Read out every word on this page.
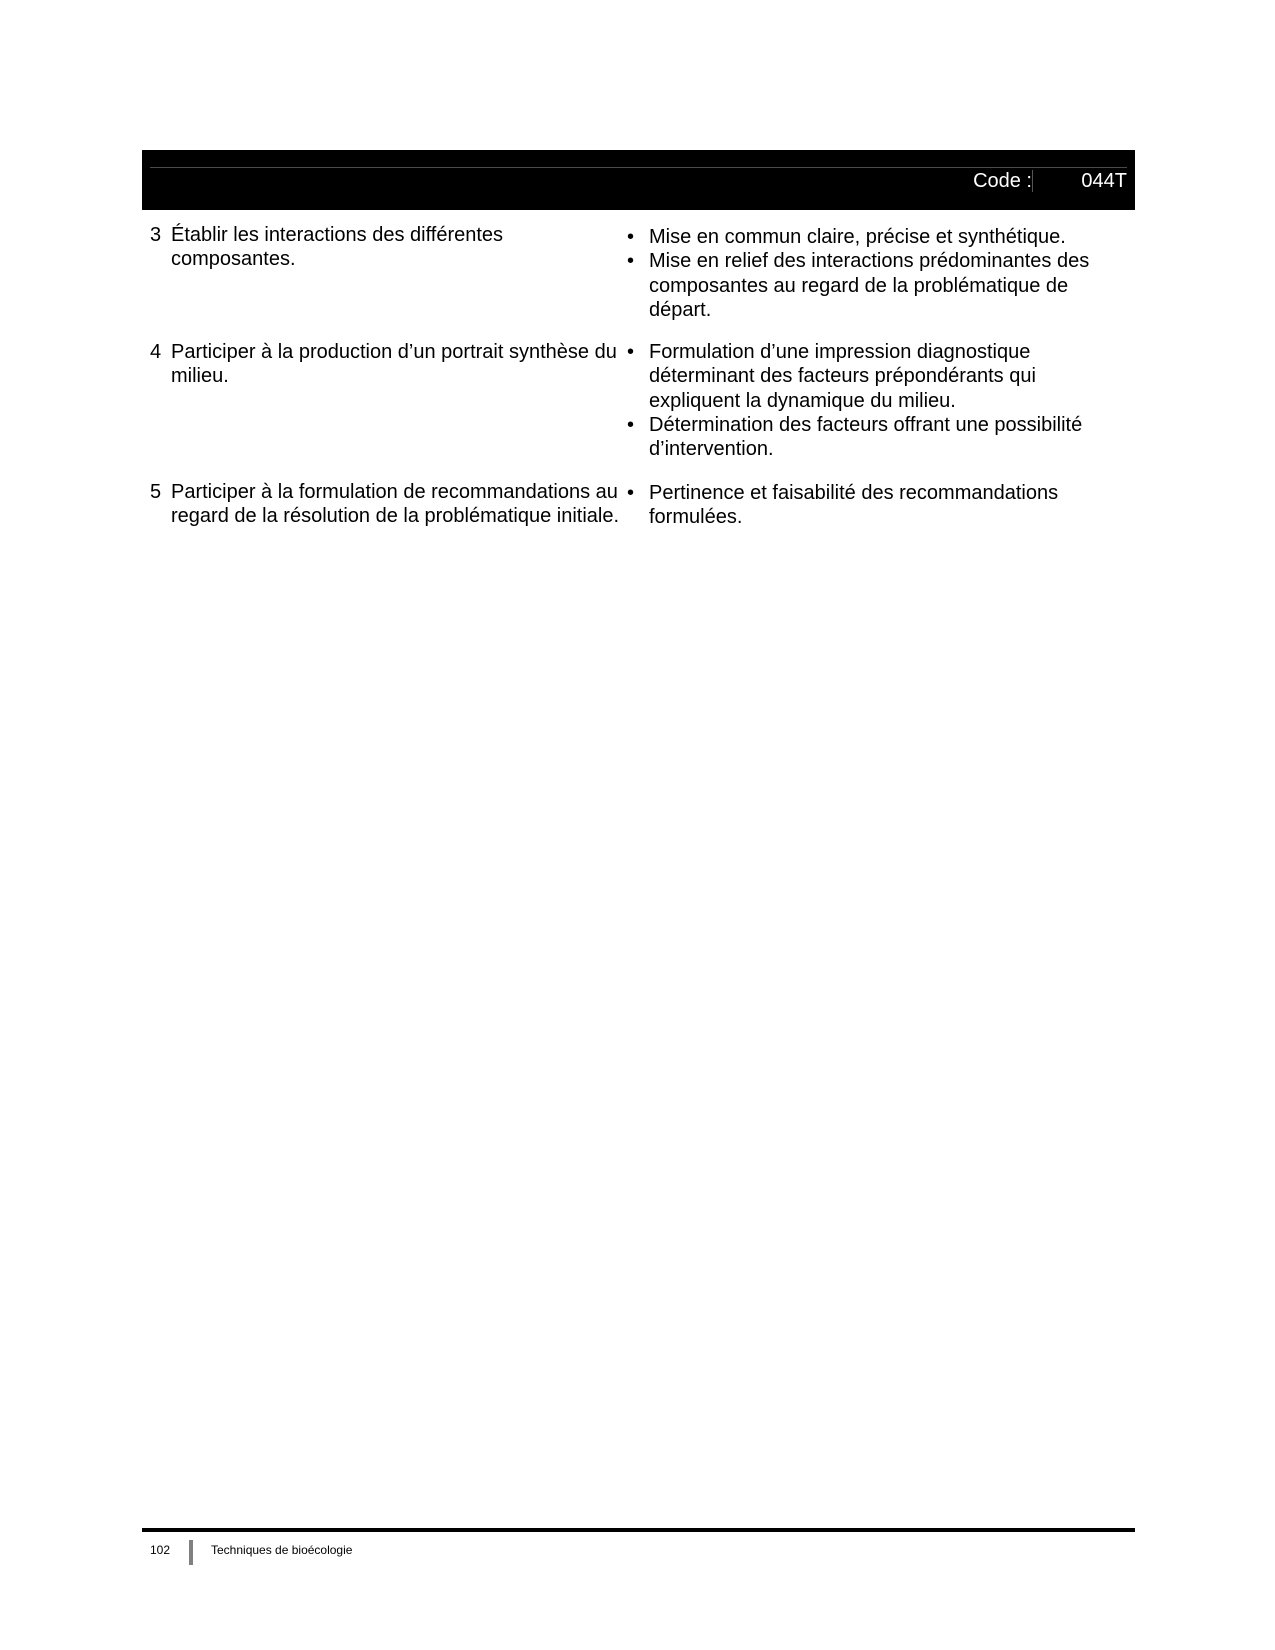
Code : 044T
3 Établir les interactions des différentes composantes.
• Mise en commun claire, précise et synthétique.
• Mise en relief des interactions prédominantes des composantes au regard de la problématique de départ.
4 Participer à la production d’un portrait synthèse du milieu.
• Formulation d’une impression diagnostique déterminant des facteurs prépondérants qui expliquent la dynamique du milieu.
• Détermination des facteurs offrant une possibilité d’intervention.
5 Participer à la formulation de recommandations au regard de la résolution de la problématique initiale.
• Pertinence et faisabilité des recommandations formulées.
102	Techniques de bioécologie
